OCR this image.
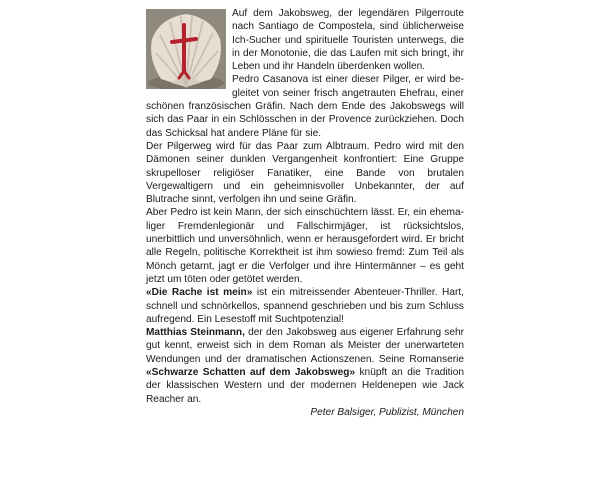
Auf dem Jakobsweg, der legendären Pilgerroute nach Santiago de Compostela, sind üblicherweise Ich-Sucher und spirituelle Touristen unterwegs, die in der Monotonie, die das Laufen mit sich bringt, ihr Leben und ihr Handeln überdenken wollen.

Pedro Casanova ist einer dieser Pilger, er wird begleitet von seiner frisch angetrauten Ehefrau, einer schönen französischen Gräfin. Nach dem Ende des Jakobswegs will sich das Paar in ein Schlösschen in der Provence zurückziehen. Doch das Schicksal hat andere Pläne für sie.

Der Pilgerweg wird für das Paar zum Albtraum. Pedro wird mit den Dämonen seiner dunklen Vergangenheit konfrontiert: Eine Gruppe skrupelloser religiöser Fanatiker, eine Bande von brutalen Vergewaltigern und ein geheimnisvoller Unbekannter, der auf Blutrache sinnt, verfolgen ihn und seine Gräfin.

Aber Pedro ist kein Mann, der sich einschüchtern lässt. Er, ein ehemaliger Fremdenlegionär und Fallschirmjäger, ist rücksichtslos, unerbittlich und unversöhnlich, wenn er herausgefordert wird. Er bricht alle Regeln, politische Korrektheit ist ihm sowieso fremd: Zum Teil als Mönch getarnt, jagt er die Verfolger und ihre Hintermänner – es geht jetzt um töten oder getötet werden.

«Die Rache ist mein» ist ein mitreissender Abenteuer-Thriller. Hart, schnell und schnörkellos, spannend geschrieben und bis zum Schluss aufregend. Ein Lesestoff mit Suchtpotenzial!

Matthias Steinmann, der den Jakobsweg aus eigener Erfahrung sehr gut kennt, erweist sich in dem Roman als Meister der unerwarteten Wendungen und der dramatischen Actionszenen. Seine Romanserie «Schwarze Schatten auf dem Jakobsweg» knüpft an die Tradition der klassischen Western und der modernen Heldenepen wie Jack Reacher an.

Peter Balsiger, Publizist, München
